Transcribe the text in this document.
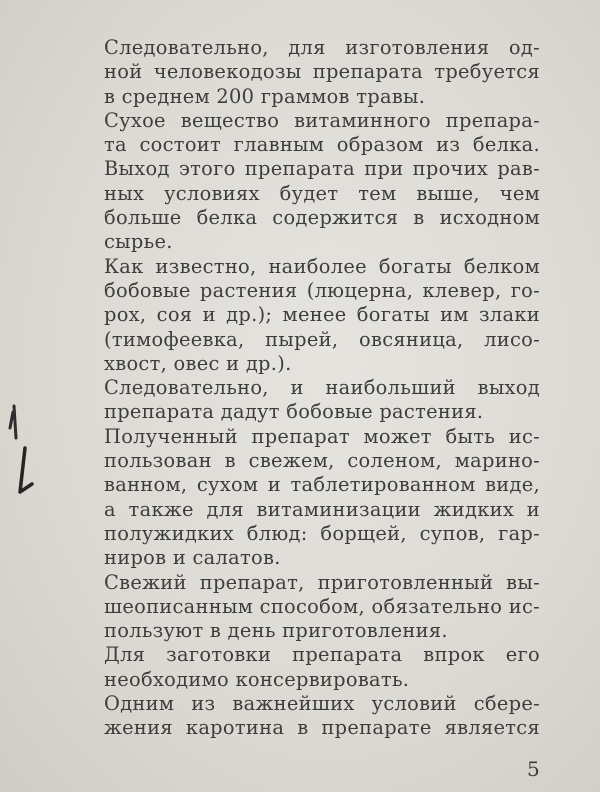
Следовательно, для изготовления од-
ной человекодозы препарата требуется
в среднем 200 граммов травы.

Сухое вещество витаминного препара-
та состоит главным образом из белка.
Выход этого препарата при прочих рав-
ных условиях будет тем выше, чем
больше белка содержится в исходном
сырье.

Как известно, наиболее богаты белком
бобовые растения (люцерна, клевер, го-
рох, соя и др.); менее богаты им злаки
(тимофеевка, пырей, овсяница, лисо-
хвост, овес и др.).

Следовательно, и наибольший выход
препарата дадут бобовые растения.

Полученный препарат может быть ис-
пользован в свежем, соленом, марино-
ванном, сухом и таблетированном виде,
а также для витаминизации жидких и
полужидких блюд: борщей, супов, гар-
ниров и салатов.

Свежий препарат, приготовленный вы-
шеописанным способом, обязательно ис-
пользуют в день приготовления.

Для заготовки препарата впрок его
необходимо консервировать.

Одним из важнейших условий сбере-
жения каротина в препарате является

5
